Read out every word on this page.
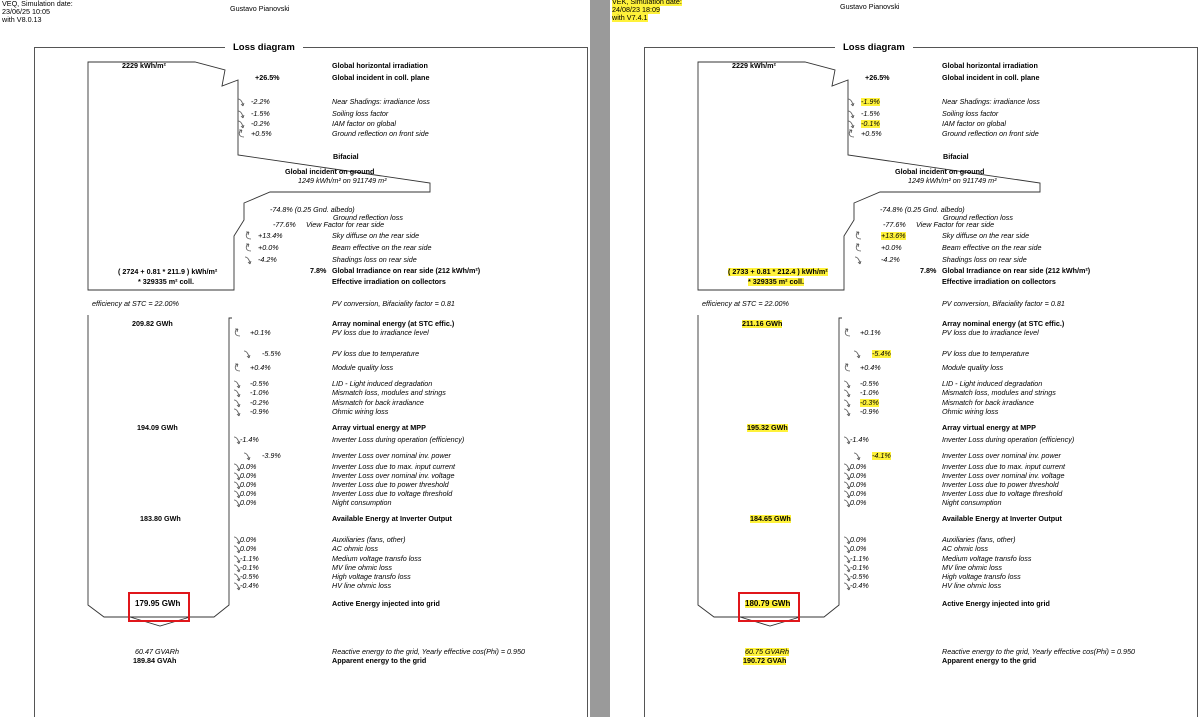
VEQ, Simulation date:
23/06/25 10:05
with V8.0.13
Gustavo Pianovski
Loss diagram
2229 kWh/m²	Global horizontal irradiation
+26.5%	Global incident in coll. plane
-2.2%	Near Shadings: irradiance loss
-1.5%	Soiling loss factor
-0.2%	IAM factor on global
+0.5%	Ground reflection on front side
Bifacial
Global incident on ground
1249 kWh/m² on 911749 m²
-74.8% (0.25 Gnd. albedo)
Ground reflection loss
-77.6% View Factor for rear side
+13.4%	Sky diffuse on the rear side
+0.0%	Beam effective on the rear side
-4.2%	Shadings loss on rear side
7.8% Global Irradiance on rear side (212 kWh/m²)
( 2724 + 0.81 * 211.9 ) kWh/m²
* 329335 m² coll.	Effective irradiation on collectors
efficiency at STC = 22.00%	PV conversion, Bifaciality factor = 0.81
209.82 GWh	Array nominal energy (at STC effic.)
+0.1%	PV loss due to irradiance level
-5.5%	PV loss due to temperature
+0.4%	Module quality loss
-0.5%	LID - Light induced degradation
-1.0%	Mismatch loss, modules and strings
-0.2%	Mismatch for back irradiance
-0.9%	Ohmic wiring loss
194.09 GWh	Array virtual energy at MPP
-1.4%	Inverter Loss during operation (efficiency)
-3.9%	Inverter Loss over nominal inv. power
0.0%	Inverter Loss due to max. input current
0.0%	Inverter Loss over nominal inv. voltage
0.0%	Inverter Loss due to power threshold
0.0%	Inverter Loss due to voltage threshold
0.0%	Night consumption
183.80 GWh	Available Energy at Inverter Output
0.0%	Auxiliaries (fans, other)
0.0%	AC ohmic loss
-1.1%	Medium voltage transfo loss
-0.1%	MV line ohmic loss
-0.5%	High voltage transfo loss
-0.4%	HV line ohmic loss
179.95 GWh	Active Energy injected into grid
60.47 GVARh	Reactive energy to the grid, Yearly effective cos(Phi) = 0.950
189.84 GVAh	Apparent energy to the grid
VEK, Simulation date:
24/08/23 18:09
with V7.4.1
Gustavo Pianovski
Loss diagram
2229 kWh/m²	Global horizontal irradiation
+26.5%	Global incident in coll. plane
-1.9%	Near Shadings: irradiance loss
-1.5%	Soiling loss factor
-0.1%	IAM factor on global
+0.5%	Ground reflection on front side
Bifacial
Global incident on ground
1249 kWh/m² on 911749 m²
-74.8% (0.25 Gnd. albedo)
Ground reflection loss
-77.6% View Factor for rear side
+13.6%	Sky diffuse on the rear side
+0.0%	Beam effective on the rear side
-4.2%	Shadings loss on rear side
7.8% Global Irradiance on rear side (212 kWh/m²)
( 2733 + 0.81 * 212.4 ) kWh/m²
* 329335 m² coll.	Effective irradiation on collectors
efficiency at STC = 22.00%	PV conversion, Bifaciality factor = 0.81
211.16 GWh	Array nominal energy (at STC effic.)
+0.1%	PV loss due to irradiance level
-5.4%	PV loss due to temperature
+0.4%	Module quality loss
-0.5%	LID - Light induced degradation
-1.0%	Mismatch loss, modules and strings
-0.3%	Mismatch for back irradiance
-0.9%	Ohmic wiring loss
195.32 GWh	Array virtual energy at MPP
-1.4%	Inverter Loss during operation (efficiency)
-4.1%	Inverter Loss over nominal inv. power
0.0%	Inverter Loss due to max. input current
0.0%	Inverter Loss over nominal inv. voltage
0.0%	Inverter Loss due to power threshold
0.0%	Inverter Loss due to voltage threshold
0.0%	Night consumption
184.65 GWh	Available Energy at Inverter Output
0.0%	Auxiliaries (fans, other)
0.0%	AC ohmic loss
-1.1%	Medium voltage transfo loss
-0.1%	MV line ohmic loss
-0.5%	High voltage transfo loss
-0.4%	HV line ohmic loss
180.79 GWh	Active Energy injected into grid
60.75 GVARh	Reactive energy to the grid, Yearly effective cos(Phi) = 0.950
190.72 GVAh	Apparent energy to the grid
